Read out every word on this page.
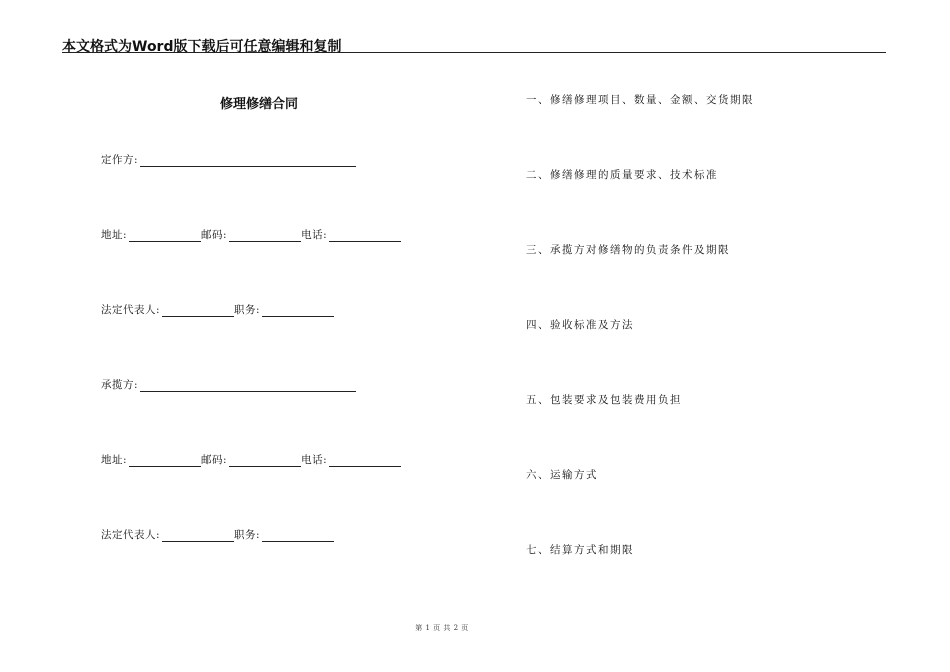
本文格式为Word版下载后可任意编辑和复制
修理修缮合同
定作方:
地址:	邮码:	电话:
法定代表人:	职务:
承揽方:
地址:	邮码:	电话:
法定代表人:	职务:
一、修缮修理项目、数量、金额、交货期限
二、修缮修理的质量要求、技术标准
三、承揽方对修缮物的负责条件及期限
四、验收标准及方法
五、包装要求及包装费用负担
六、运输方式
七、结算方式和期限
第 1 页 共 2 页
